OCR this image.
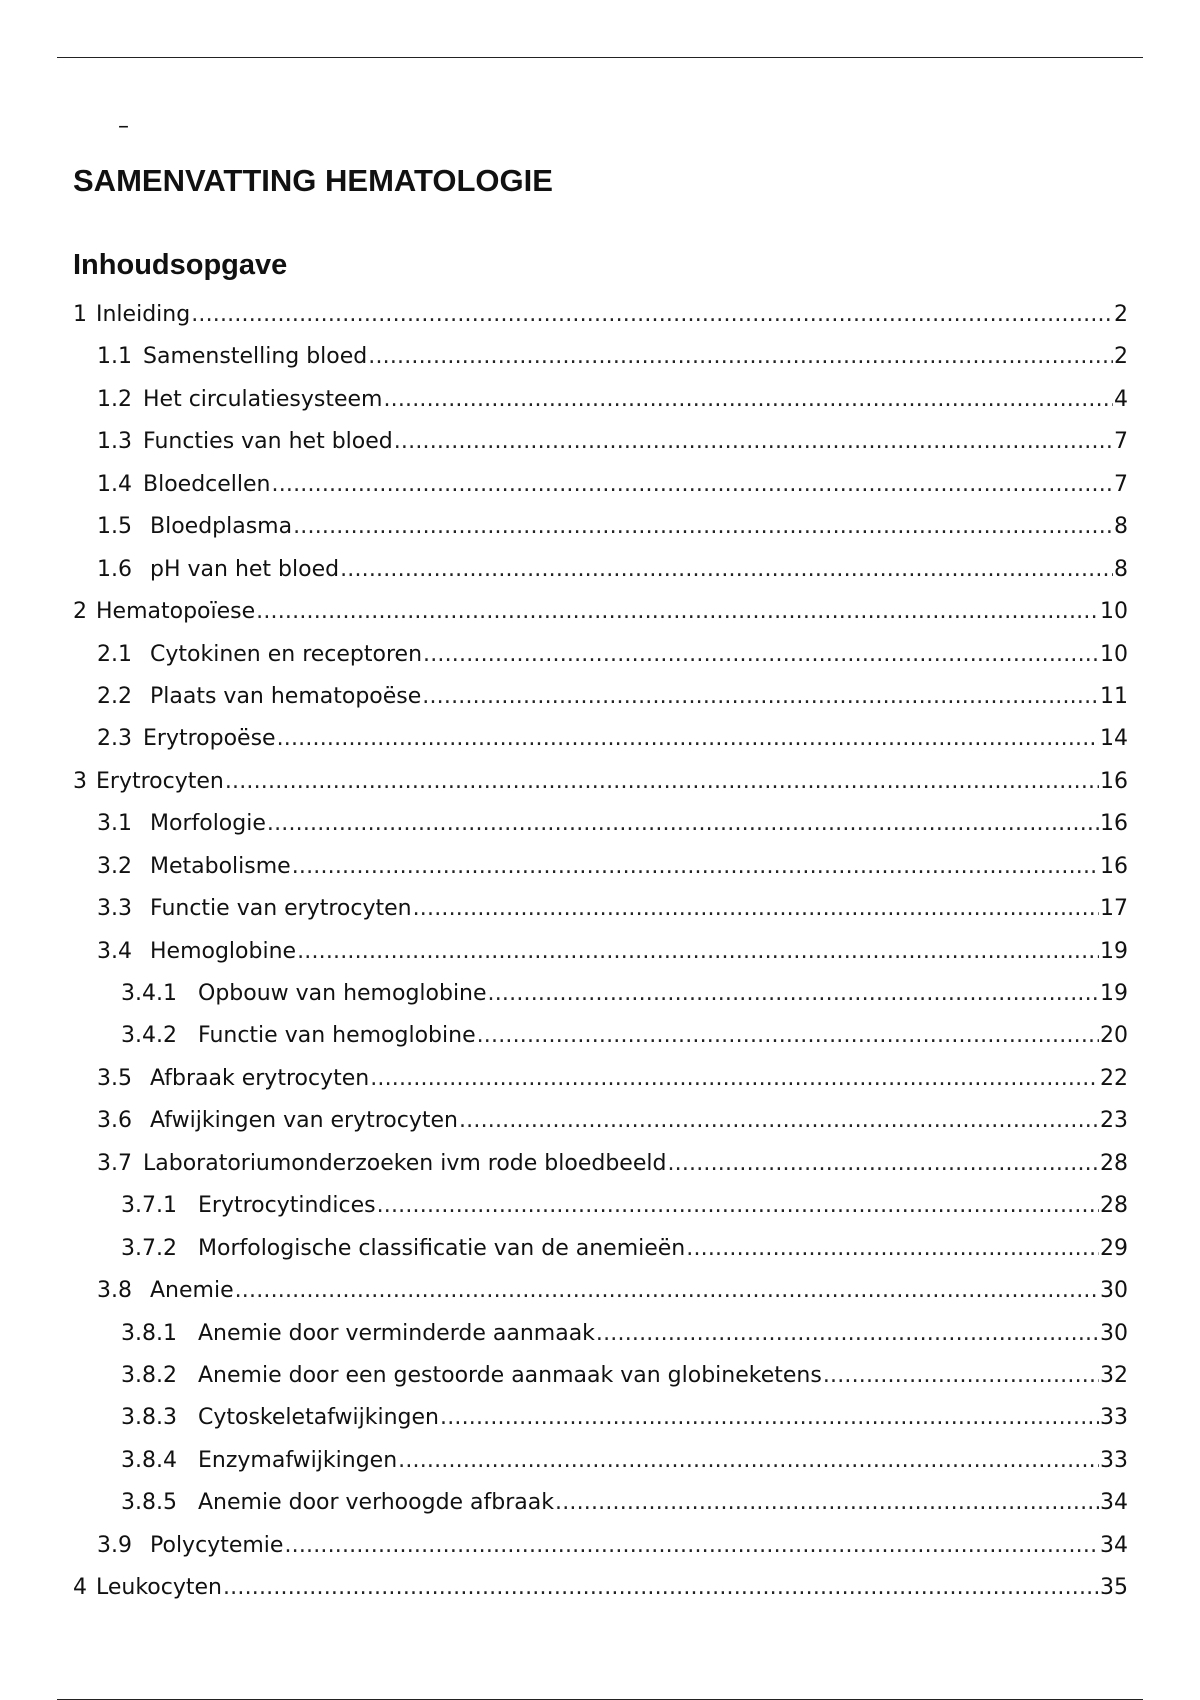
–
SAMENVATTING HEMATOLOGIE
Inhoudsopgave
1 Inleiding .....	2
1.1 Samenstelling bloed .....	2
1.2 Het circulatiesysteem .....	4
1.3 Functies van het bloed .....	7
1.4 Bloedcellen .....	7
1.5 Bloedplasma .....	8
1.6 pH van het bloed .....	8
2 Hematopoïese .....	10
2.1 Cytokinen en receptoren .....	10
2.2 Plaats van hematopoëse .....	11
2.3 Erytropoëse .....	14
3 Erytrocyten .....	16
3.1 Morfologie .....	16
3.2 Metabolisme .....	16
3.3 Functie van erytrocyten .....	17
3.4 Hemoglobine .....	19
3.4.1 Opbouw van hemoglobine .....	19
3.4.2 Functie van hemoglobine .....	20
3.5 Afbraak erytrocyten .....	22
3.6 Afwijkingen van erytrocyten .....	23
3.7 Laboratoriumonderzoeken ivm rode bloedbeeld .....	28
3.7.1 Erytrocytindices .....	28
3.7.2 Morfologische classificatie van de anemieën .....	29
3.8 Anemie .....	30
3.8.1 Anemie door verminderde aanmaak .....	30
3.8.2 Anemie door een gestoorde aanmaak van globineketens .....	32
3.8.3 Cytoskeletafwijkingen .....	33
3.8.4 Enzymafwijkingen .....	33
3.8.5 Anemie door verhoogde afbraak .....	34
3.9 Polycytemie .....	34
4 Leukocyten .....	35
